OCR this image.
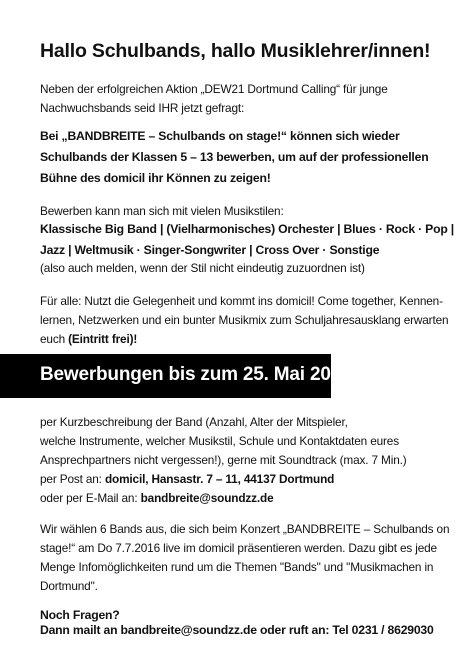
Hallo Schulbands, hallo Musiklehrer/innen!
Neben der erfolgreichen Aktion „DEW21 Dortmund Calling“ für junge
Nachwuchsbands seid IHR jetzt gefragt:
Bei „BANDBREITE – Schulbands on stage!“ können sich wieder
Schulbands der Klassen 5 – 13 bewerben, um auf der professionellen
Bühne des domicil ihr Können zu zeigen!
Bewerben kann man sich mit vielen Musikstilen:
Klassische Big Band | (Vielharmonisches) Orchester | Blues · Rock · Pop |
Jazz | Weltmusik · Singer-Songwriter | Cross Over · Sonstige
(also auch melden, wenn der Stil nicht eindeutig zuzuordnen ist)
Für alle: Nutzt die Gelegenheit und kommt ins domicil! Come together, Kennen-
lernen, Netzwerken und ein bunter Musikmix zum Schuljahresausklang erwarten
euch (Eintritt frei)!
Bewerbungen bis zum 25. Mai 2016
per Kurzbeschreibung der Band (Anzahl, Alter der Mitspieler,
welche Instrumente, welcher Musikstil, Schule und Kontaktdaten eures
Ansprechpartners nicht vergessen!), gerne mit Soundtrack (max. 7 Min.)
per Post an: domicil, Hansastr. 7 – 11, 44137 Dortmund
oder per E-Mail an: bandbreite@soundzz.de
Wir wählen 6 Bands aus, die sich beim Konzert „BANDBREITE – Schulbands on
stage!“ am Do 7.7.2016 live im domicil präsentieren werden. Dazu gibt es jede
Menge Infomöglichkeiten rund um die Themen "Bands" und "Musikmachen in
Dortmund".
Noch Fragen?
Dann mailt an bandbreite@soundzz.de oder ruft an: Tel 0231 / 8629030
